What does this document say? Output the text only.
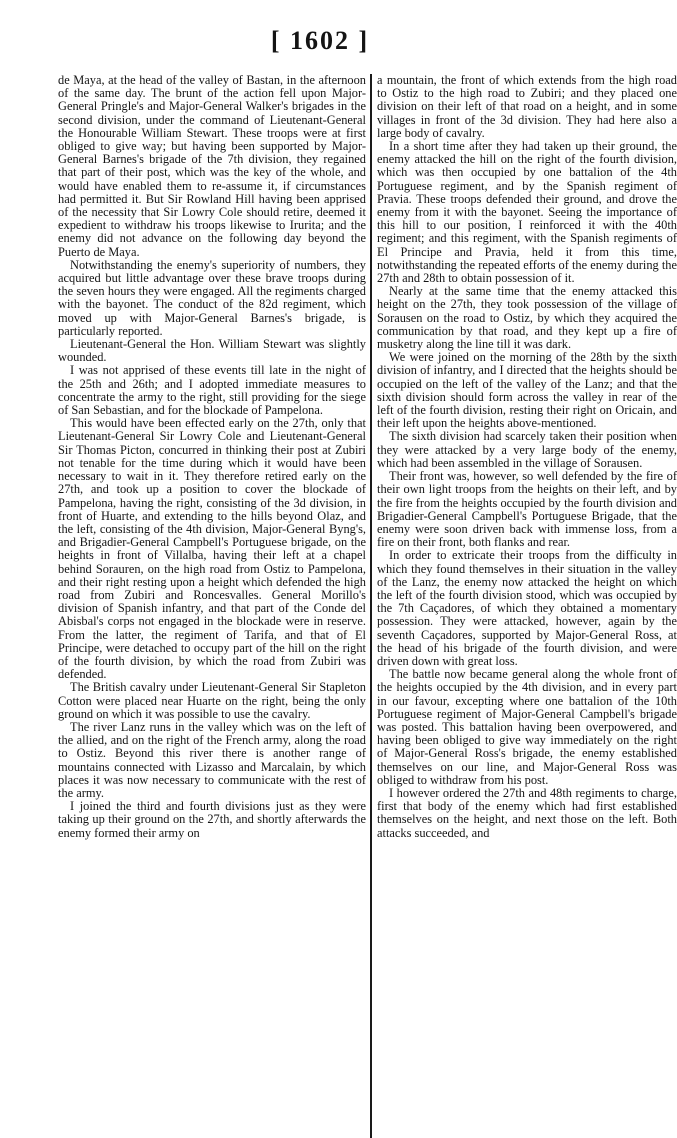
[ 1602 ]

de Maya, at the head of the valley of Bastan, in the afternoon of the same day. The brunt of the action fell upon Major-General Pringle's and Major-General Walker's brigades in the second division, under the command of Lieutenant-General the Honourable William Stewart. These troops were at first obliged to give way; but having been supported by Major-General Barnes's brigade of the 7th division, they regained that part of their post, which was the key of the whole, and would have enabled them to re-assume it, if circumstances had permitted it. But Sir Rowland Hill having been apprised of the necessity that Sir Lowry Cole should retire, deemed it expedient to withdraw his troops likewise to Irurita; and the enemy did not advance on the following day beyond the Puerto de Maya.

Notwithstanding the enemy's superiority of numbers, they acquired but little advantage over these brave troops during the seven hours they were engaged. All the regiments charged with the bayonet. The conduct of the 82d regiment, which moved up with Major-General Barnes's brigade, is particularly reported.

Lieutenant-General the Hon. William Stewart was slightly wounded.

I was not apprised of these events till late in the night of the 25th and 26th; and I adopted immediate measures to concentrate the army to the right, still providing for the siege of San Sebastian, and for the blockade of Pampelona.

This would have been effected early on the 27th, only that Lieutenant-General Sir Lowry Cole and Lieutenant-General Sir Thomas Picton, concurred in thinking their post at Zubiri not tenable for the time during which it would have been necessary to wait in it. They therefore retired early on the 27th, and took up a position to cover the blockade of Pampelona, having the right, consisting of the 3d division, in front of Huarte, and extending to the hills beyond Olaz, and the left, consisting of the 4th division, Major-General Byng's, and Brigadier-General Campbell's Portuguese brigade, on the heights in front of Villalba, having their left at a chapel behind Sorauren, on the high road from Ostiz to Pampelona, and their right resting upon a height which defended the high road from Zubiri and Roncesvalles. General Morillo's division of Spanish infantry, and that part of the Conde del Abisbal's corps not engaged in the blockade were in reserve. From the latter, the regiment of Tarifa, and that of El Principe, were detached to occupy part of the hill on the right of the fourth division, by which the road from Zubiri was defended.

The British cavalry under Lieutenant-General Sir Stapleton Cotton were placed near Huarte on the right, being the only ground on which it was possible to use the cavalry.

The river Lanz runs in the valley which was on the left of the allied, and on the right of the French army, along the road to Ostiz. Beyond this river there is another range of mountains connected with Lizasso and Marcalain, by which places it was now necessary to communicate with the rest of the army.

I joined the third and fourth divisions just as they were taking up their ground on the 27th, and shortly afterwards the enemy formed their army on

a mountain, the front of which extends from the high road to Ostiz to the high road to Zubiri; and they placed one division on their left of that road on a height, and in some villages in front of the 3d division. They had here also a large body of cavalry.

In a short time after they had taken up their ground, the enemy attacked the hill on the right of the fourth division, which was then occupied by one battalion of the 4th Portuguese regiment, and by the Spanish regiment of Pravia. These troops defended their ground, and drove the enemy from it with the bayonet. Seeing the importance of this hill to our position, I reinforced it with the 40th regiment; and this regiment, with the Spanish regiments of El Principe and Pravia, held it from this time, notwithstanding the repeated efforts of the enemy during the 27th and 28th to obtain possession of it.

Nearly at the same time that the enemy attacked this height on the 27th, they took possession of the village of Sorausen on the road to Ostiz, by which they acquired the communication by that road, and they kept up a fire of musketry along the line till it was dark.

We were joined on the morning of the 28th by the sixth division of infantry, and I directed that the heights should be occupied on the left of the valley of the Lanz; and that the sixth division should form across the valley in rear of the left of the fourth division, resting their right on Oricain, and their left upon the heights above-mentioned.

The sixth division had scarcely taken their position when they were attacked by a very large body of the enemy, which had been assembled in the village of Sorausen.

Their front was, however, so well defended by the fire of their own light troops from the heights on their left, and by the fire from the heights occupied by the fourth division and Brigadier-General Campbell's Portuguese Brigade, that the enemy were soon driven back with immense loss, from a fire on their front, both flanks and rear.

In order to extricate their troops from the difficulty in which they found themselves in their situation in the valley of the Lanz, the enemy now attacked the height on which the left of the fourth division stood, which was occupied by the 7th Caçadores, of which they obtained a momentary possession. They were attacked, however, again by the seventh Caçadores, supported by Major-General Ross, at the head of his brigade of the fourth division, and were driven down with great loss.

The battle now became general along the whole front of the heights occupied by the 4th division, and in every part in our favour, excepting where one battalion of the 10th Portuguese regiment of Major-General Campbell's brigade was posted. This battalion having been overpowered, and having been obliged to give way immediately on the right of Major-General Ross's brigade, the enemy established themselves on our line, and Major-General Ross was obliged to withdraw from his post.

I however ordered the 27th and 48th regiments to charge, first that body of the enemy which had first established themselves on the height, and next those on the left. Both attacks succeeded, and
